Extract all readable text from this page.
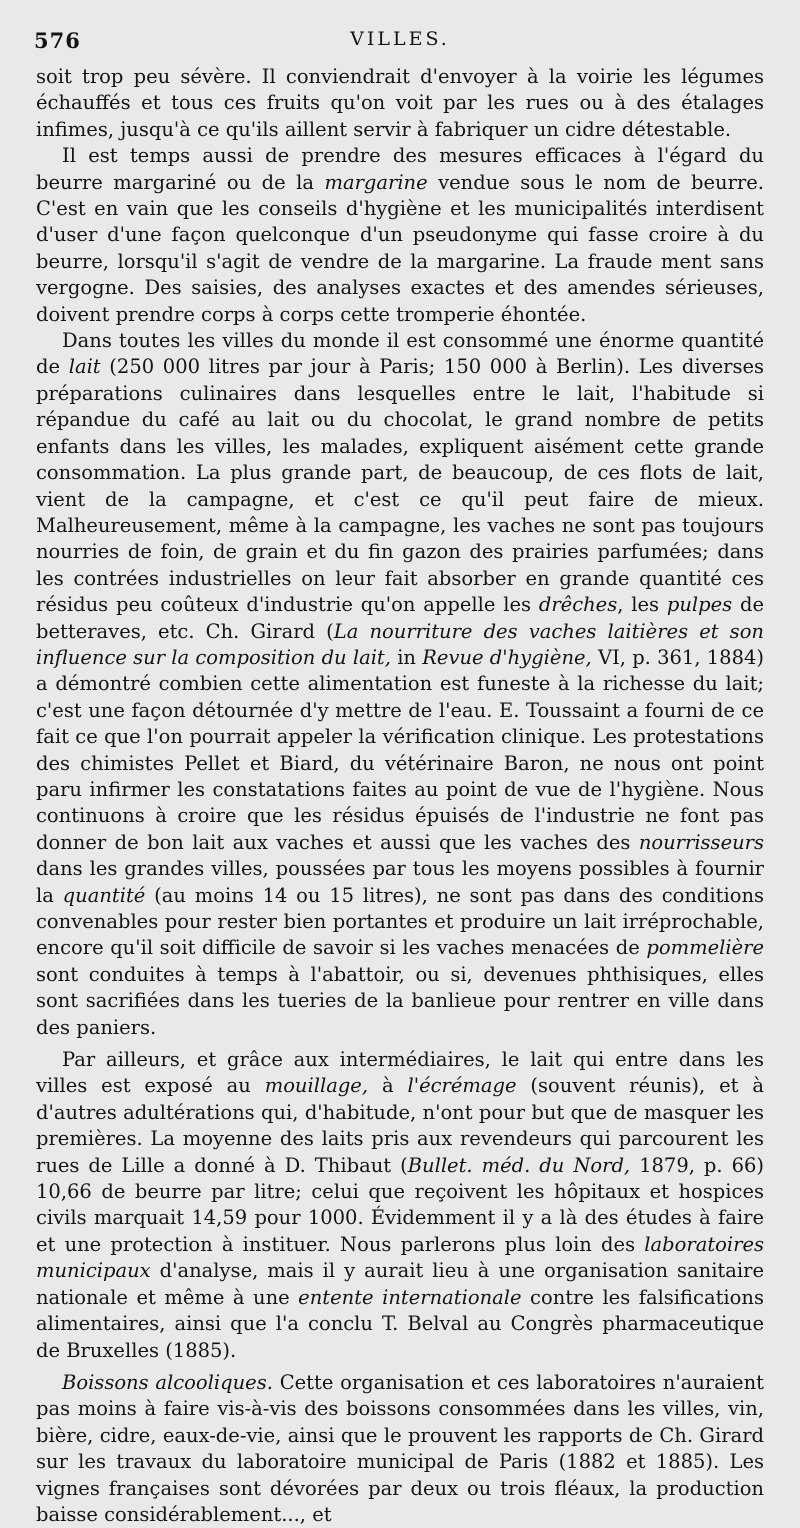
576	VILLES.

soit trop peu sévère. Il conviendrait d'envoyer à la voirie les légumes échauffés et tous ces fruits qu'on voit par les rues ou à des étalages infimes, jusqu'à ce qu'ils aillent servir à fabriquer un cidre détestable.

Il est temps aussi de prendre des mesures efficaces à l'égard du beurre margariné ou de la margarine vendue sous le nom de beurre. C'est en vain que les conseils d'hygiène et les municipalités interdisent d'user d'une façon quelconque d'un pseudonyme qui fasse croire à du beurre, lorsqu'il s'agit de vendre de la margarine. La fraude ment sans vergogne. Des saisies, des analyses exactes et des amendes sérieuses, doivent prendre corps à corps cette tromperie éhontée.

Dans toutes les villes du monde il est consommé une énorme quantité de lait (250 000 litres par jour à Paris; 150 000 à Berlin). Les diverses préparations culinaires dans lesquelles entre le lait, l'habitude si répandue du café au lait ou du chocolat, le grand nombre de petits enfants dans les villes, les malades, expliquent aisément cette grande consommation. La plus grande part, de beaucoup, de ces flots de lait, vient de la campagne, et c'est ce qu'il peut faire de mieux. Malheureusement, même à la campagne, les vaches ne sont pas toujours nourries de foin, de grain et du fin gazon des prairies parfumées; dans les contrées industrielles on leur fait absorber en grande quantité ces résidus peu coûteux d'industrie qu'on appelle les drêches, les pulpes de betteraves, etc. Ch. Girard (La nourriture des vaches laitières et son influence sur la composition du lait, in Revue d'hygiène, VI, p. 361, 1884) a démontré combien cette alimentation est funeste à la richesse du lait; c'est une façon détournée d'y mettre de l'eau. E. Toussaint a fourni de ce fait ce que l'on pourrait appeler la vérification clinique. Les protestations des chimistes Pellet et Biard, du vétérinaire Baron, ne nous ont point paru infirmer les constatations faites au point de vue de l'hygiène. Nous continuons à croire que les résidus épuisés de l'industrie ne font pas donner de bon lait aux vaches et aussi que les vaches des nourrisseurs dans les grandes villes, poussées par tous les moyens possibles à fournir la quantité (au moins 14 ou 15 litres), ne sont pas dans des conditions convenables pour rester bien portantes et produire un lait irréprochable, encore qu'il soit difficile de savoir si les vaches menacées de pommelière sont conduites à temps à l'abattoir, ou si, devenues phthisiques, elles sont sacrifiées dans les tueries de la banlieue pour rentrer en ville dans des paniers.

Par ailleurs, et grâce aux intermédiaires, le lait qui entre dans les villes est exposé au mouillage, à l'écrémage (souvent réunis), et à d'autres adultérations qui, d'habitude, n'ont pour but que de masquer les premières. La moyenne des laits pris aux revendeurs qui parcourent les rues de Lille a donné à D. Thibaut (Bullet. méd. du Nord, 1879, p. 66) 10,66 de beurre par litre; celui que reçoivent les hôpitaux et hospices civils marquait 14,59 pour 1000. Évidemment il y a là des études à faire et une protection à instituer. Nous parlerons plus loin des laboratoires municipaux d'analyse, mais il y aurait lieu à une organisation sanitaire nationale et même à une entente internationale contre les falsifications alimentaires, ainsi que l'a conclu T. Belval au Congrès pharmaceutique de Bruxelles (1885).

Boissons alcooliques. Cette organisation et ces laboratoires n'auraient pas moins à faire vis-à-vis des boissons consommées dans les villes, vin, bière, cidre, eaux-de-vie, ainsi que le prouvent les rapports de Ch. Girard sur les travaux du laboratoire municipal de Paris (1882 et 1885). Les vignes françaises sont dévorées par deux ou trois fléaux, la production baisse considérablement..., et
